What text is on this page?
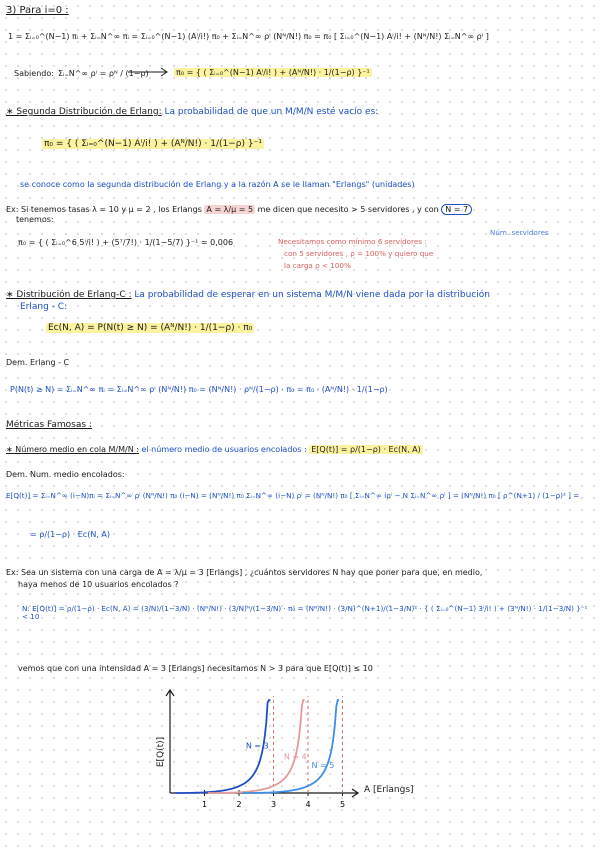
3) Para i=0 :
1 = Σᵢ₌₀^(N−1) πᵢ + Σᵢ₌N^∞ πᵢ = Σᵢ₌₀^(N−1) (Aⁱ/i!) π₀ + Σᵢ₌N^∞ ρⁱ (Nᴺ/N!) π₀ = π₀ [ Σᵢ₌₀^(N−1) Aⁱ/i! + (Nᴺ/N!) Σᵢ₌N^∞ ρⁱ ]
Sabiendo: Σᵢ₌N^∞ ρⁱ = ρᴺ / (1−ρ)	π₀ = { ( Σᵢ₌₀^(N−1) Aⁱ/i! ) + (Aᴺ/N!) · 1/(1−ρ) }⁻¹
∗ Segunda Distribución de Erlang: La probabilidad de que un M/M/N esté vacío es:
π₀ = { ( Σᵢ₌₀^(N−1) Aⁱ/i! ) + (Aᴺ/N!) · 1/(1−ρ) }⁻¹
se conoce como la segunda distribución de Erlang y a la razón A se le llaman "Erlangs" (unidades)
Ex: Si tenemos tasas λ = 10 y μ = 2 , los Erlangs A = λ/μ = 5 me dicen que necesito > 5 servidores , y con N = 7
tenemos:
Núm. servidores
π₀ = { ( Σᵢ₌₀^6 5ⁱ/i! ) + (5⁷/7!) · 1/(1−5/7) }⁻¹ ≃ 0,006	Necesitamos como mínimo 6 servidores :
con 5 servidores , ρ = 100% y quiero que
la carga ρ < 100%
∗ Distribución de Erlang-C : La probabilidad de esperar en un sistema M/M/N viene dada por la distribución
Erlang - C:
Eᴄ(N, A) = P(N(t) ≥ N) = (Aᴺ/N!) · 1/(1−ρ) · π₀
Dem. Erlang - C
P(N(t) ≥ N) = Σᵢ₌N^∞ πᵢ = Σᵢ₌N^∞ ρⁱ (Nᴺ/N!) π₀ = (Nᴺ/N!) · ρᴺ/(1−ρ) · π₀ = π₀ · (Aᴺ/N!) · 1/(1−ρ)
Métricas Famosas :
∗ Número medio en cola M/M/N : el número medio de usuarios encolados : E[Q(t)] = ρ/(1−ρ) · Eᴄ(N, A)
Dem. Num. medio encolados:
E[Q(t)] = Σᵢ₌N^∞ (i−N)πᵢ = Σᵢ₌N^∞ ρⁱ (Nᴺ/N!) π₀ (i−N) = (Nᴺ/N!) π₀ Σᵢ₌N^∞ (i−N) ρⁱ = (Nᴺ/N!) π₀ [ Σᵢ₌N^∞ iρⁱ − N Σᵢ₌N^∞ ρⁱ ] = (Nᴺ/N!) π₀ [ ρ^(N+1) / (1−ρ)² ] =
= ρ/(1−ρ) · Eᴄ(N, A)
Ex: Sea un sistema con una carga de A = λ/μ = 3 [Erlangs] , ¿cuántos servidores N hay que poner para que, en medio,
haya menos de 10 usuarios encolados ?
N: E[Q(t)] = ρ/(1−ρ) · Eᴄ(N, A) = (3/N)/(1−3/N) · (Nᴺ/N!) · (3/N)ᴺ/(1−3/N) · π₀ = (Nᴺ/N!) · (3/N)^(N+1)/(1−3/N)² · { ( Σᵢ₌₀^(N−1) 3ⁱ/i! ) + (3ᴺ/N!) · 1/(1−3/N) }⁻¹ < 10
vemos que con una intensidad A = 3 [Erlangs] necesitamos N > 3 para que E[Q(t)] ≤ 10
1	2	3	4	5
N = 3
N = 4
N = 5
A [Erlangs]
E[Q(t)]
